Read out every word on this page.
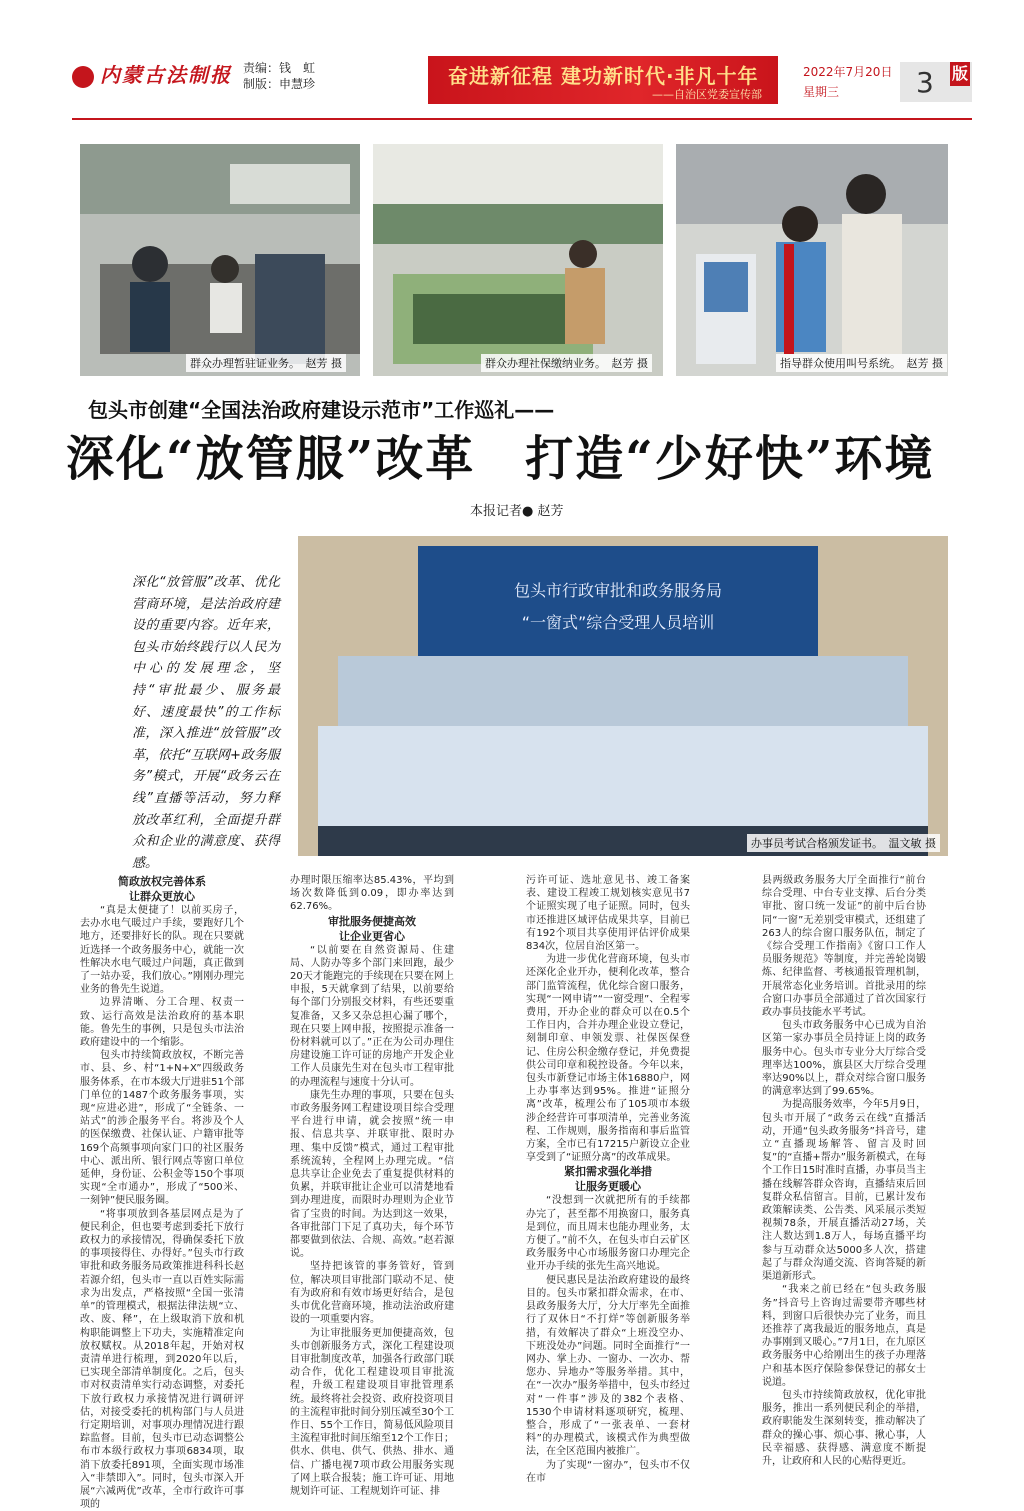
内蒙古法制报 责编：钱　虹
制版：申慧珍	奋进新征程 建功新时代·非凡十年
——自治区党委宣传部
2022年7月20日
星期三	3 版
群众办理暂驻证业务。　赵芳 摄	群众办理社保缴纳业务。　赵芳 摄	指导群众使用叫号系统。　赵芳 摄
包头市创建“全国法治政府建设示范市”工作巡礼——
深化“放管服”改革　打造“少好快”环境
本报记者● 赵芳
包头市行政审批和政务服务局
“一窗式”综合受理人员培训
办事员考试合格颁发证书。　温文敏 摄

深化“放管服”改革、优化营商环境，是法治政府建设的重要内容。近年来，包头市始终践行以人民为中心的发展理念，坚持“审批最少、服务最好、速度最快”的工作标准，深入推进“放管服”改革，依托“互联网+政务服务”模式，开展“政务云在线”直播等活动，努力释放改革红利，全面提升群众和企业的满意度、获得感。

简政放权完善体系
让群众更放心

“真是太便捷了！以前买房子，去办水电气暖过户手续，要跑好几个地方，还要排好长的队。现在只要就近选择一个政务服务中心，就能一次性解决水电气暖过户问题，真正做到了一站办妥，我们放心。”刚刚办理完业务的鲁先生说道。

边界清晰、分工合理、权责一致、运行高效是法治政府的基本职能。鲁先生的事例，只是包头市法治政府建设中的一个缩影。

包头市持续简政放权，不断完善市、县、乡、村“1+N+X”四级政务服务体系，在市本级大厅进驻51个部门单位的1487个政务服务事项，实现“应进必进”，形成了“全链条、一站式”的涉企服务平台。将涉及个人的医保缴费、社保认证、户籍审批等169个高频事项向家门口的社区服务中心、派出所、银行网点等窗口单位延伸，身份证、公积金等150个事项实现“全市通办”，形成了“500米、一刻钟”便民服务圈。

“将事项放到各基层网点是为了便民利企，但也要考虑到委托下放行政权力的承接情况，得确保委托下放的事项接得住、办得好。”包头市行政审批和政务服务局政策推进科科长赵若源介绍，包头市一直以百姓实际需求为出发点，严格按照“全国一张清单”的管理模式，根据法律法规“立、改、废、释”，在上级取消下放和机构职能调整上下功夫，实施精准定向放权赋权。从2018年起，开始对权责清单进行梳理，到2020年以后，已实现全部清单制度化。之后，包头市对权责清单实行动态调整，对委托下放行政权力承接情况进行调研评估，对接受委托的机构部门与人员进行定期培训，对事项办理情况进行跟踪监督。目前，包头市已动态调整公布市本级行政权力事项6834项，取消下放委托891项，全面实现市场准入“非禁即入”。同时，包头市深入开展“六减两优”改革，全市行政许可事项的

办理时限压缩率达85.43%，平均到场次数降低到0.09，即办率达到62.76%。

审批服务便捷高效
让企业更省心

“以前要在自然资源局、住建局、人防办等多个部门来回跑，最少20天才能跑完的手续现在只要在网上申报，5天就拿到了结果，以前要给每个部门分别报交材料，有些还要重复准备，又多又杂总担心漏了哪个，现在只要上网申报，按照提示准备一份材料就可以了。”正在为公司办理住房建设施工许可证的房地产开发企业工作人员康先生对在包头市工程审批的办理流程与速度十分认可。

康先生办理的事项，只要在包头市政务服务网工程建设项目综合受理平台进行申请，就会按照“统一申报、信息共享、并联审批、限时办理、集中反馈”模式，通过工程审批系统流转，全程网上办理完成。“信息共享让企业免去了重复提供材料的负累，并联审批让企业可以清楚地看到办理进度，而限时办理则为企业节省了宝贵的时间。为达到这一效果，各审批部门下足了真功夫，每个环节都要做到依法、合规、高效。”赵若源说。

坚持把该管的事务管好，管到位，解决项目审批部门联动不足、使有为政府和有效市场更好结合，是包头市优化营商环境，推动法治政府建设的一项重要内容。

为让审批服务更加便捷高效，包头市创新服务方式，深化工程建设项目审批制度改革，加强各行政部门联动合作，优化工程建设项目审批流程，升级工程建设项目审批管理系统。最终将社会投资、政府投资项目的主流程审批时间分别压减至30个工作日、55个工作日，简易低风险项目主流程审批时间压缩至12个工作日；供水、供电、供气、供热、排水、通信、广播电视7项市政公用服务实现了网上联合报装；施工许可证、用地规划许可证、工程规划许可证、排

污许可证、选址意见书、竣工备案表、建设工程竣工规划核实意见书7个证照实现了电子证照。同时，包头市还推进区域评估成果共享，目前已有192个项目共享使用评估评价成果834次，位居自治区第一。

为进一步优化营商环境，包头市还深化企业开办，便利化改革，整合部门监管流程，优化综合窗口服务，实现“一网申请”“一窗受理”、全程零费用，开办企业的群众可以在0.5个工作日内，合并办理企业设立登记，刻制印章、申领发票、社保医保登记、住房公积金缴存登记，并免费提供公司印章和税控设备。今年以来，包头市新登记市场主体16880户，网上办事率达到95%。推进“证照分离”改革，梳理公布了105项市本级涉企经营许可事项清单，完善业务流程、工作规则，服务指南和事后监管方案，全市已有17215户新设立企业享受到了“证照分离”的改革成果。

紧扣需求强化举措
让服务更暖心

“没想到一次就把所有的手续都办完了，甚至都不用换窗口，服务真是到位，而且周末也能办理业务，太方便了。”前不久，在包头市白云矿区政务服务中心市场服务窗口办理完企业开办手续的张先生高兴地说。

便民惠民是法治政府建设的最终目的。包头市紧扣群众需求，在市、县政务服务大厅，分大厅率先全面推行了双休日“不打烊”等创新服务举措，有效解决了群众“上班没空办、下班没处办”问题。同时全面推行“一网办、掌上办、一窗办、一次办、帮您办、异地办”等服务举措。其中，在“一次办”服务举措中，包头市经过对“一件事”涉及的382个表格、1530个申请材料逐项研究，梳理、整合，形成了“一张表单、一套材料”的办理模式，该模式作为典型做法，在全区范围内被推广。

为了实现“一窗办”，包头市不仅在市

县两级政务服务大厅全面推行“前台综合受理、中台专业支撑、后台分类审批、窗口统一发证”的前中后台协同“一窗”无差别受审模式，还组建了263人的综合窗口服务队伍，制定了《综合受理工作指南》《窗口工作人员服务规范》等制度，并完善轮岗锻炼、纪律监督、考核通报管理机制，开展常态化业务培训。首批录用的综合窗口办事员全部通过了首次国家行政办事员技能水平考试。

包头市政务服务中心已成为自治区第一家办事员全员持证上岗的政务服务中心。包头市专业分大厅综合受理率达100%，旗县区大厅综合受理率达90%以上，群众对综合窗口服务的满意率达到了99.65%。

为提高服务效率，今年5月9日，包头市开展了“政务云在线”直播活动，开通“包头政务服务”抖音号，建立“直播现场解答、留言及时回复”的“直播+帮办”服务新模式，在每个工作日15时准时直播，办事员当主播在线解答群众咨询，直播结束后回复群众私信留言。目前，已累计发布政策解读类、公告类、风采展示类短视频78条，开展直播活动27场，关注人数达到1.8万人，每场直播平均参与互动群众达5000多人次，搭建起了与群众沟通交流、咨询答疑的新渠道新形式。

“我来之前已经在“包头政务服务”抖音号上咨询过需要带齐哪些材料，到窗口后很快办完了业务，而且还推荐了离我最近的服务地点，真是办事刚到又暖心。”7月1日，在九原区政务服务中心给刚出生的孩子办理落户和基本医疗保险参保登记的郝女士说道。

包头市持续简政放权，优化审批服务，推出一系列便民利企的举措，政府职能发生深刻转变，推动解决了群众的操心事、烦心事、揪心事，人民幸福感、获得感、满意度不断提升，让政府和人民的心贴得更近。
